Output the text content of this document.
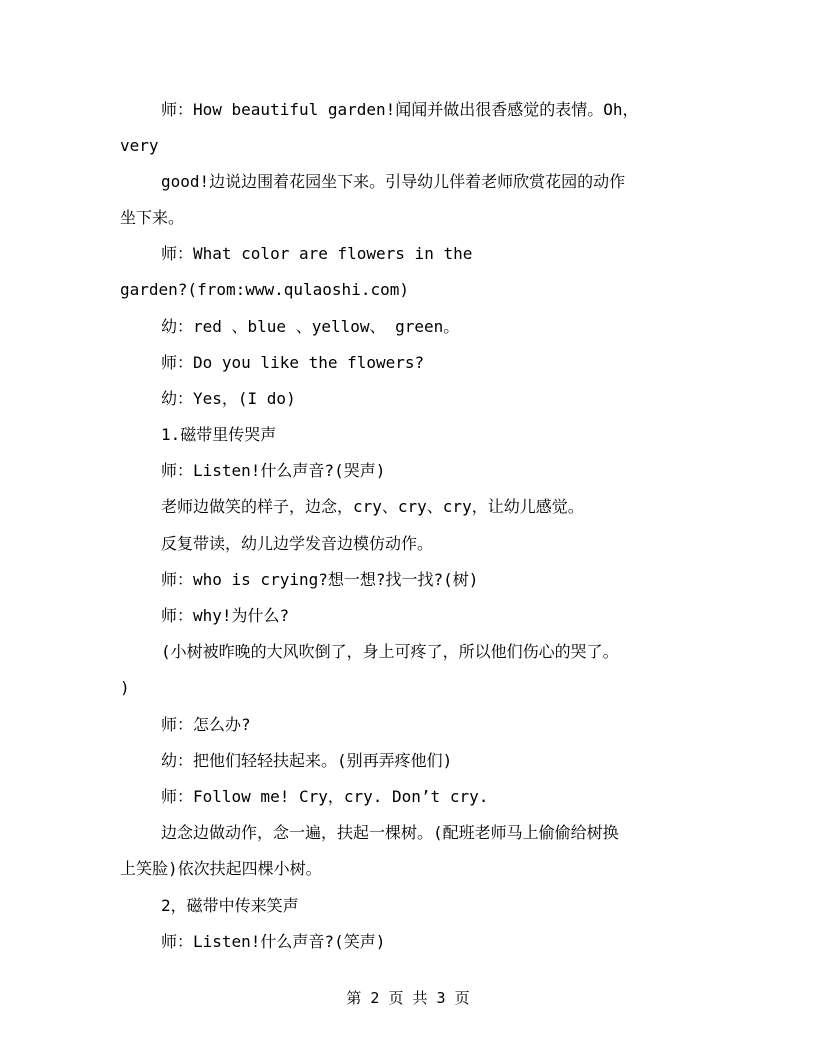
师：How beautiful garden!闻闻并做出很香感觉的表情。Oh，
very
good!边说边围着花园坐下来。引导幼儿伴着老师欣赏花园的动作
坐下来。
师：What color are flowers in the
garden?(from:www.qulaoshi.com)
幼：red 、blue 、yellow、 green。
师：Do you like the flowers?
幼：Yes，(I do)
1.磁带里传哭声
师：Listen!什么声音?(哭声)
老师边做笑的样子，边念，cry、cry、cry，让幼儿感觉。
反复带读，幼儿边学发音边模仿动作。
师：who is crying?想一想?找一找?(树)
师：why!为什么?
(小树被昨晚的大风吹倒了，身上可疼了，所以他们伤心的哭了。
)
师：怎么办?
幼：把他们轻轻扶起来。(别再弄疼他们)
师：Follow me! Cry，cry. Don’t cry.
边念边做动作，念一遍，扶起一棵树。(配班老师马上偷偷给树换
上笑脸)依次扶起四棵小树。
2，磁带中传来笑声
师：Listen!什么声音?(笑声)
第 2 页 共 3 页
